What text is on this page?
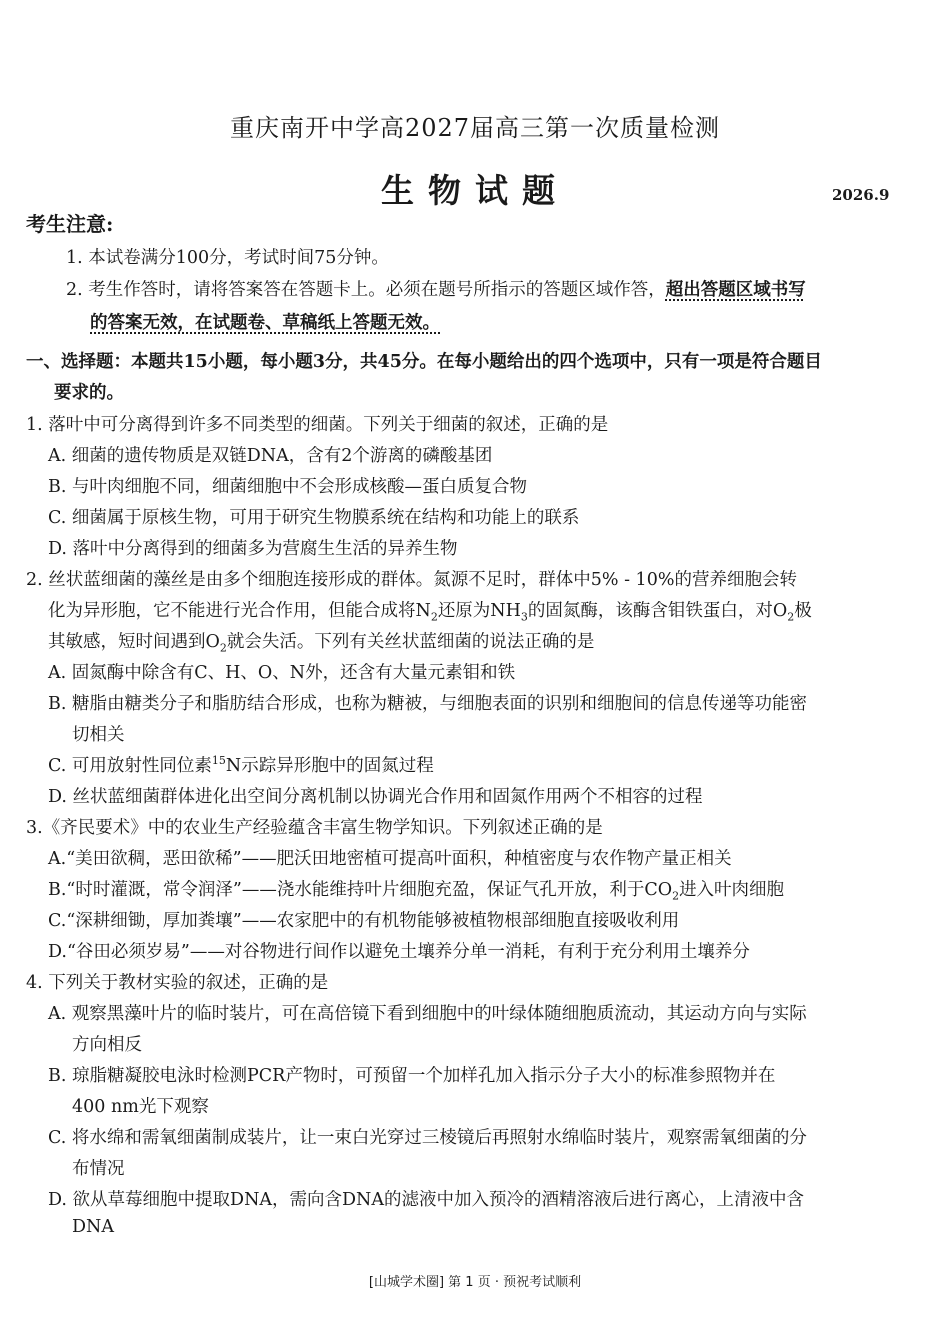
重庆南开中学高2027届高三第一次质量检测
生物试题	2026.9
考生注意:
1. 本试卷满分100分，考试时间75分钟。
2. 考生作答时，请将答案答在答题卡上。必须在题号所指示的答题区域作答，超出答题区域书写
的答案无效，在试题卷、草稿纸上答题无效。
一、选择题：本题共15小题，每小题3分，共45分。在每小题给出的四个选项中，只有一项是符合题目
要求的。
1. 落叶中可分离得到许多不同类型的细菌。下列关于细菌的叙述，正确的是
A. 细菌的遗传物质是双链DNA，含有2个游离的磷酸基团
B. 与叶肉细胞不同，细菌细胞中不会形成核酸—蛋白质复合物
C. 细菌属于原核生物，可用于研究生物膜系统在结构和功能上的联系
D. 落叶中分离得到的细菌多为营腐生生活的异养生物
2. 丝状蓝细菌的藻丝是由多个细胞连接形成的群体。氮源不足时，群体中5% - 10%的营养细胞会转
化为异形胞，它不能进行光合作用，但能合成将$N_2$还原为$NH_3$的固氮酶，该酶含钼铁蛋白，对$O_2$极
其敏感，短时间遇到$O_2$就会失活。下列有关丝状蓝细菌的说法正确的是
A. 固氮酶中除含有C、H、O、N外，还含有大量元素钼和铁
B. 糖脂由糖类分子和脂肪结合形成，也称为糖被，与细胞表面的识别和细胞间的信息传递等功能密
切相关
C. 可用放射性同位素$^{15}$N示踪异形胞中的固氮过程
D. 丝状蓝细菌群体进化出空间分离机制以协调光合作用和固氮作用两个不相容的过程
3.《齐民要术》中的农业生产经验蕴含丰富生物学知识。下列叙述正确的是
A.“美田欲稠，恶田欲稀”——肥沃田地密植可提高叶面积，种植密度与农作物产量正相关
B.“时时灌溉，常令润泽”——浇水能维持叶片细胞充盈，保证气孔开放，利于$CO_2$进入叶肉细胞
C.“深耕细锄，厚加粪壤”——农家肥中的有机物能够被植物根部细胞直接吸收利用
D.“谷田必须岁易”——对谷物进行间作以避免土壤养分单一消耗，有利于充分利用土壤养分
4. 下列关于教材实验的叙述，正确的是
A. 观察黑藻叶片的临时装片，可在高倍镜下看到细胞中的叶绿体随细胞质流动，其运动方向与实际
方向相反
B. 琼脂糖凝胶电泳时检测PCR产物时，可预留一个加样孔加入指示分子大小的标准参照物并在
400 nm光下观察
C. 将水绵和需氧细菌制成装片，让一束白光穿过三棱镜后再照射水绵临时装片，观察需氧细菌的分
布情况
D. 欲从草莓细胞中提取DNA，需向含DNA的滤液中加入预冷的酒精溶液后进行离心，上清液中含
DNA
[山城学术圈] 第 1 页 · 预祝考试顺利
